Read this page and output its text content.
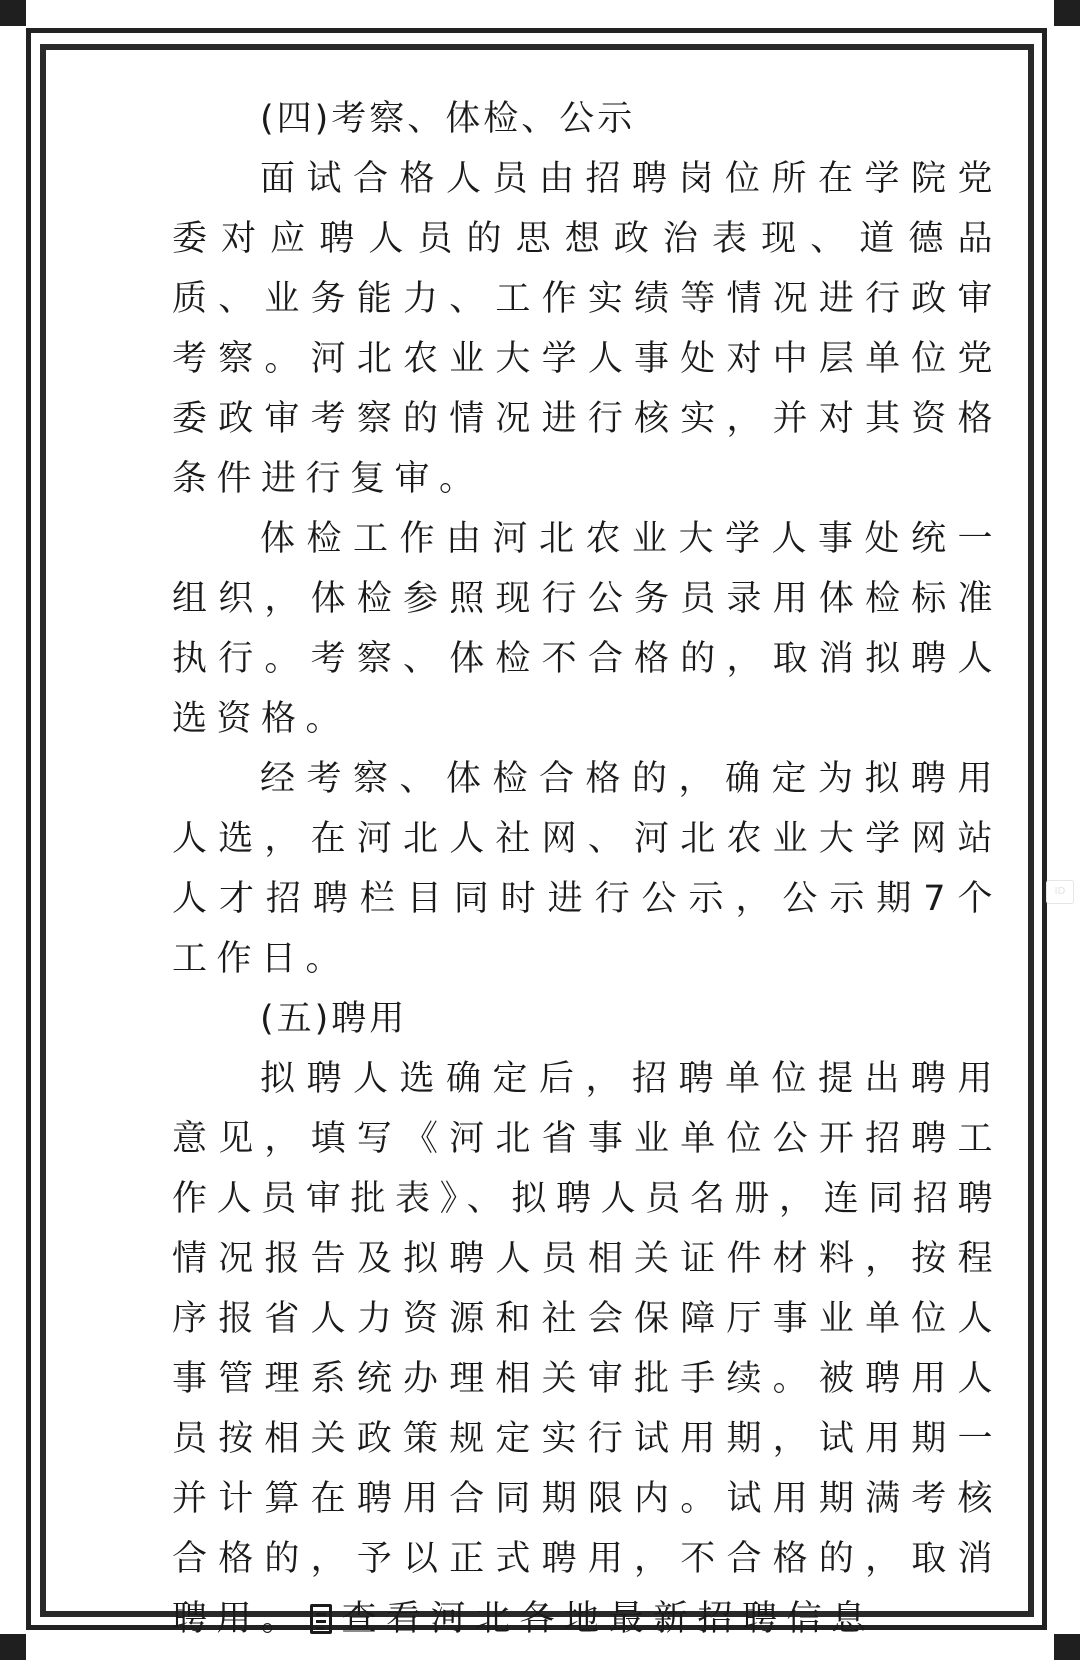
(四)考察、体检、公示

面试合格人员由招聘岗位所在学院党委对应聘人员的思想政治表现、道德品质、业务能力、工作实绩等情况进行政审考察。河北农业大学人事处对中层单位党委政审考察的情况进行核实，并对其资格条件进行复审。

体检工作由河北农业大学人事处统一组织，体检参照现行公务员录用体检标准执行。考察、体检不合格的，取消拟聘人选资格。

经考察、体检合格的，确定为拟聘用人选，在河北人社网、河北农业大学网站人才招聘栏目同时进行公示，公示期7个工作日。

(五)聘用

拟聘人选确定后，招聘单位提出聘用意见，填写《河北省事业单位公开招聘工作人员审批表》、拟聘人员名册，连同招聘情况报告及拟聘人员相关证件材料，按程序报省人力资源和社会保障厅事业单位人事管理系统办理相关审批手续。被聘用人员按相关政策规定实行试用期，试用期一并计算在聘用合同期限内。试用期满考核合格的，予以正式聘用，不合格的，取消聘用。 查看河北各地最新招聘信息

ID
